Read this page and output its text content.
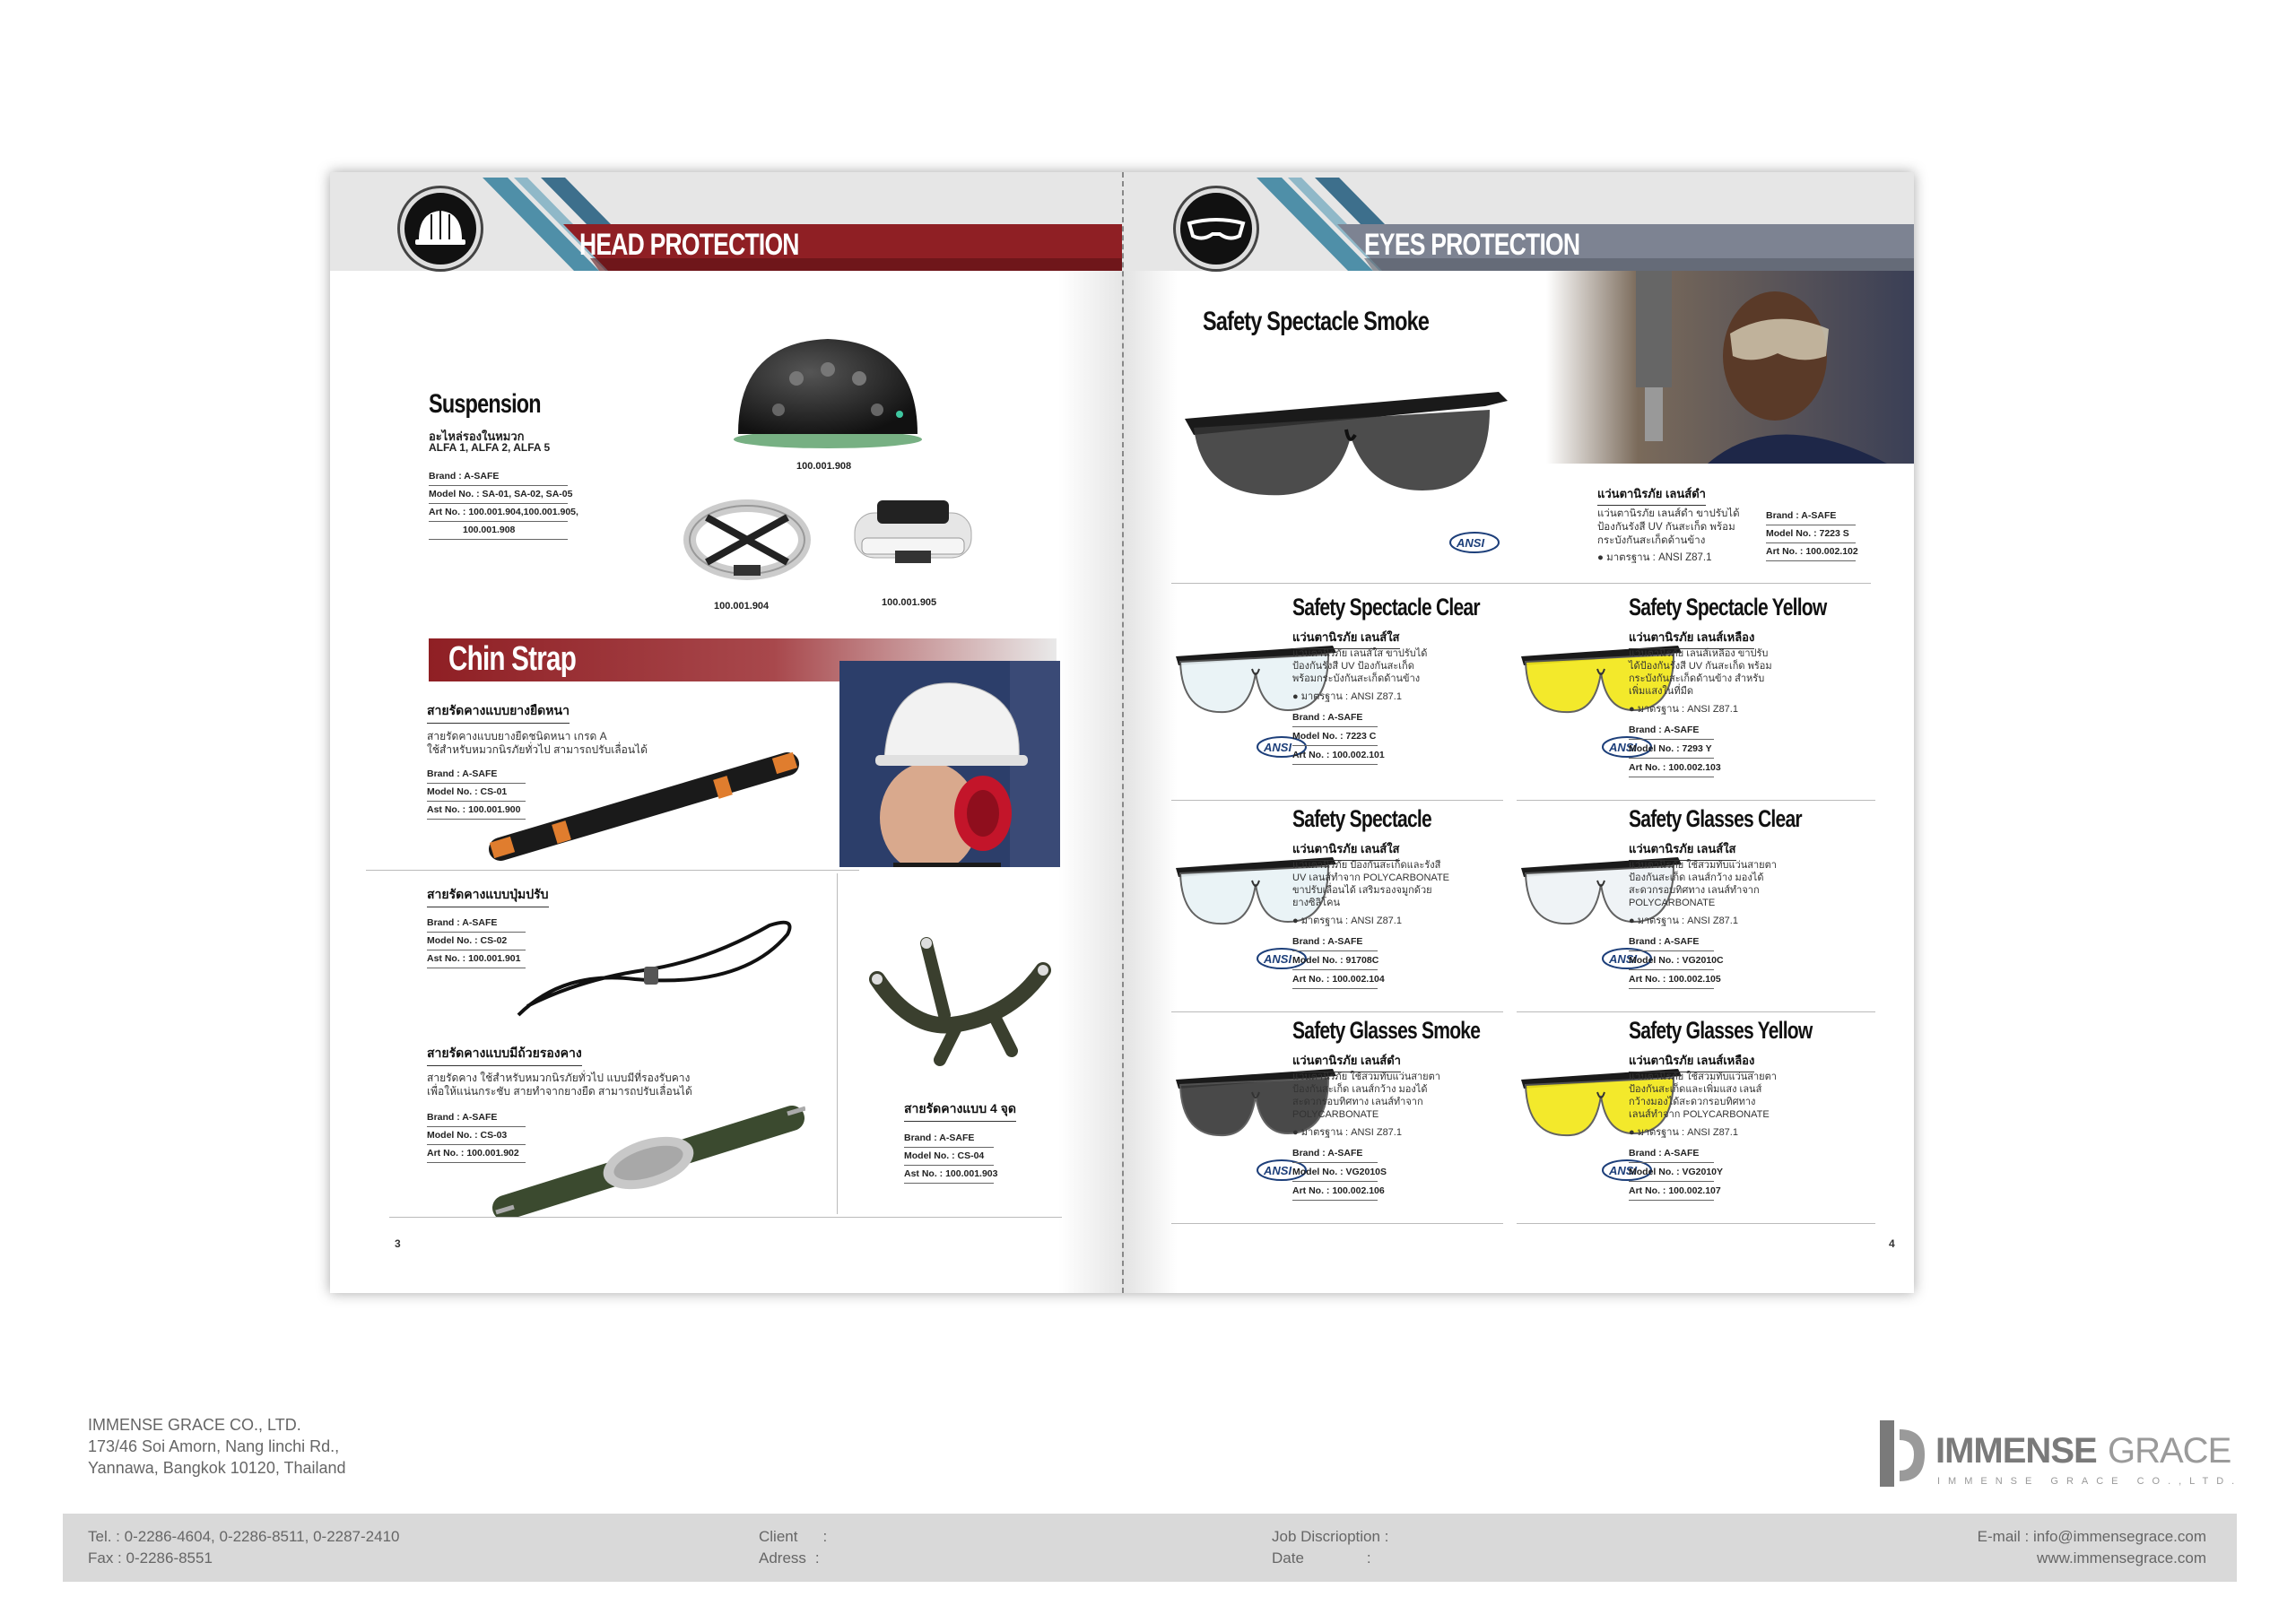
HEAD PROTECTION
Suspension
อะไหล่รองในหมวก
ALFA 1, ALFA 2, ALFA 5
Brand : A-SAFE
Model No. : SA-01, SA-02, SA-05
Art No. : 100.001.904,100.001.905,
100.001.908
100.001.908
100.001.904	100.001.905
Chin Strap
สายรัดคางแบบยางยืดหนา
สายรัดคางแบบยางยืดชนิดหนา เกรด A
ใช้สำหรับหมวกนิรภัยทั่วไป สามารถปรับเลื่อนได้
Brand : A-SAFE
Model No. : CS-01
Ast No. : 100.001.900
สายรัดคางแบบปุ่มปรับ
Brand : A-SAFE
Model No. : CS-02
Ast No. : 100.001.901
สายรัดคางแบบมีถ้วยรองคาง
สายรัดคาง ใช้สำหรับหมวกนิรภัยทั่วไป แบบมีที่รองรับคาง
เพื่อให้แน่นกระชับ สายทำจากยางยืด สามารถปรับเลื่อนได้
Brand : A-SAFE
Model No. : CS-03
Art No. : 100.001.902
สายรัดคางแบบ 4 จุด
Brand : A-SAFE
Model No. : CS-04
Ast No. : 100.001.903
3
EYES PROTECTION
Safety Spectacle Smoke
ANSI
แว่นตานิรภัย เลนส์ดำ
แว่นตานิรภัย เลนส์ดำ ขาปรับได้
ป้องกันรังสี UV กันสะเก็ด พร้อม
กระบังกันสะเก็ดด้านข้าง
● มาตรฐาน : ANSI Z87.1
Brand : A-SAFE
Model No. : 7223 S
Art No. : 100.002.102
4
ANSI
Safety Spectacle Clear
แว่นตานิรภัย เลนส์ใส
แว่นตานิรภัย เลนส์ใส ขาปรับได้
ป้องกันรังสี UV ป้องกันสะเก็ด
พร้อมกระบังกันสะเก็ดด้านข้าง
● มาตรฐาน : ANSI Z87.1
Brand : A-SAFE
Model No. : 7223 C
Art No. : 100.002.101
ANSI
Safety Spectacle Yellow
แว่นตานิรภัย เลนส์เหลือง
แว่นตานิรภัย เลนส์เหลือง ขาปรับ
ได้ป้องกันรังสี UV กันสะเก็ด พร้อม
กระบังกันสะเก็ดด้านข้าง สำหรับ
เพิ่มแสงในที่มืด
● มาตรฐาน : ANSI Z87.1
Brand : A-SAFE
Model No. : 7293 Y
Art No. : 100.002.103
ANSI
Safety Spectacle
แว่นตานิรภัย เลนส์ใส
แว่นตานิรภัย ป้องกันสะเก็ดและรังสี
UV เลนส์ทำจาก POLYCARBONATE
ขาปรับเลื่อนได้ เสริมรองจมูกด้วย
ยางซิลิโคน
● มาตรฐาน : ANSI Z87.1
Brand : A-SAFE
Model No. : 91708C
Art No. : 100.002.104
ANSI
Safety Glasses Clear
แว่นตานิรภัย เลนส์ใส
แว่นตานิรภัย ใช้สวมทับแว่นสายตา
ป้องกันสะเก็ด เลนส์กว้าง มองได้
สะดวกรอบทิศทาง เลนส์ทำจาก
POLYCARBONATE
● มาตรฐาน : ANSI Z87.1
Brand : A-SAFE
Model No. : VG2010C
Art No. : 100.002.105
ANSI
Safety Glasses Smoke
แว่นตานิรภัย เลนส์ดำ
แว่นตานิรภัย ใช้สวมทับแว่นสายตา
ป้องกันสะเก็ด เลนส์กว้าง มองได้
สะดวกรอบทิศทาง เลนส์ทำจาก
POLYCARBONATE
● มาตรฐาน : ANSI Z87.1
Brand : A-SAFE
Model No. : VG2010S
Art No. : 100.002.106
ANSI
Safety Glasses Yellow
แว่นตานิรภัย เลนส์เหลือง
แว่นตานิรภัย ใช้สวมทับแว่นสายตา
ป้องกันสะเก็ดและเพิ่มแสง เลนส์
กว้างมองได้สะดวกรอบทิศทาง
เลนส์ทำจาก POLYCARBONATE
● มาตรฐาน : ANSI Z87.1
Brand : A-SAFE
Model No. : VG2010Y
Art No. : 100.002.107
IMMENSE GRACE CO., LTD.
173/46 Soi Amorn, Nang linchi Rd.,
Yannawa, Bangkok 10120, Thailand	IMMENSE GRACE
IMMENSE GRACE CO.,LTD.
Tel. : 0-2286-4604, 0-2286-8511, 0-2287-2410
Fax : 0-2286-8551
Client :
Adress :
Job Discrioption :
Date	:
E-mail : info@immensegrace.com
www.immensegrace.com
